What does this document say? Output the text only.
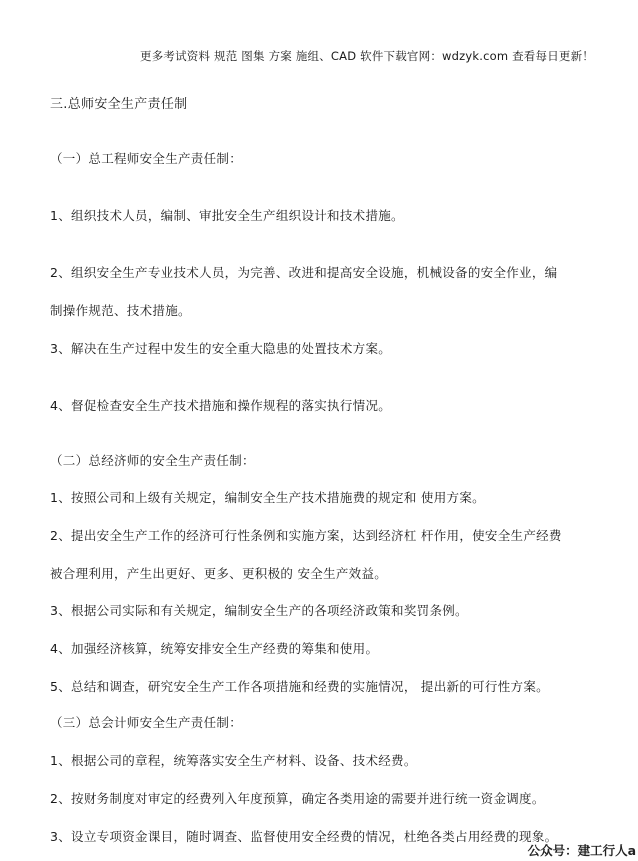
更多考试资料 规范 图集 方案 施组、CAD 软件下载官网：wdzyk.com 查看每日更新！
三.总师安全生产责任制
（一）总工程师安全生产责任制：
1、组织技术人员，编制、审批安全生产组织设计和技术措施。
2、组织安全生产专业技术人员，为完善、改进和提高安全设施，机械设备的安全作业，编
制操作规范、技术措施。
3、解决在生产过程中发生的安全重大隐患的处置技术方案。
4、督促检查安全生产技术措施和操作规程的落实执行情况。
（二）总经济师的安全生产责任制：
1、按照公司和上级有关规定，编制安全生产技术措施费的规定和 使用方案。
2、提出安全生产工作的经济可行性条例和实施方案，达到经济杠 杆作用，使安全生产经费
被合理利用，产生出更好、更多、更积极的 安全生产效益。
3、根据公司实际和有关规定，编制安全生产的各项经济政策和奖罚条例。
4、加强经济核算，统筹安排安全生产经费的筹集和使用。
5、总结和调查，研究安全生产工作各项措施和经费的实施情况， 提出新的可行性方案。
（三）总会计师安全生产责任制：
1、根据公司的章程，统筹落实安全生产材料、设备、技术经费。
2、按财务制度对审定的经费列入年度预算，确定各类用途的需要并进行统一资金调度。
3、设立专项资金课目，随时调查、监督使用安全经费的情况，杜绝各类占用经费的现象。
公众号：建工行人a
